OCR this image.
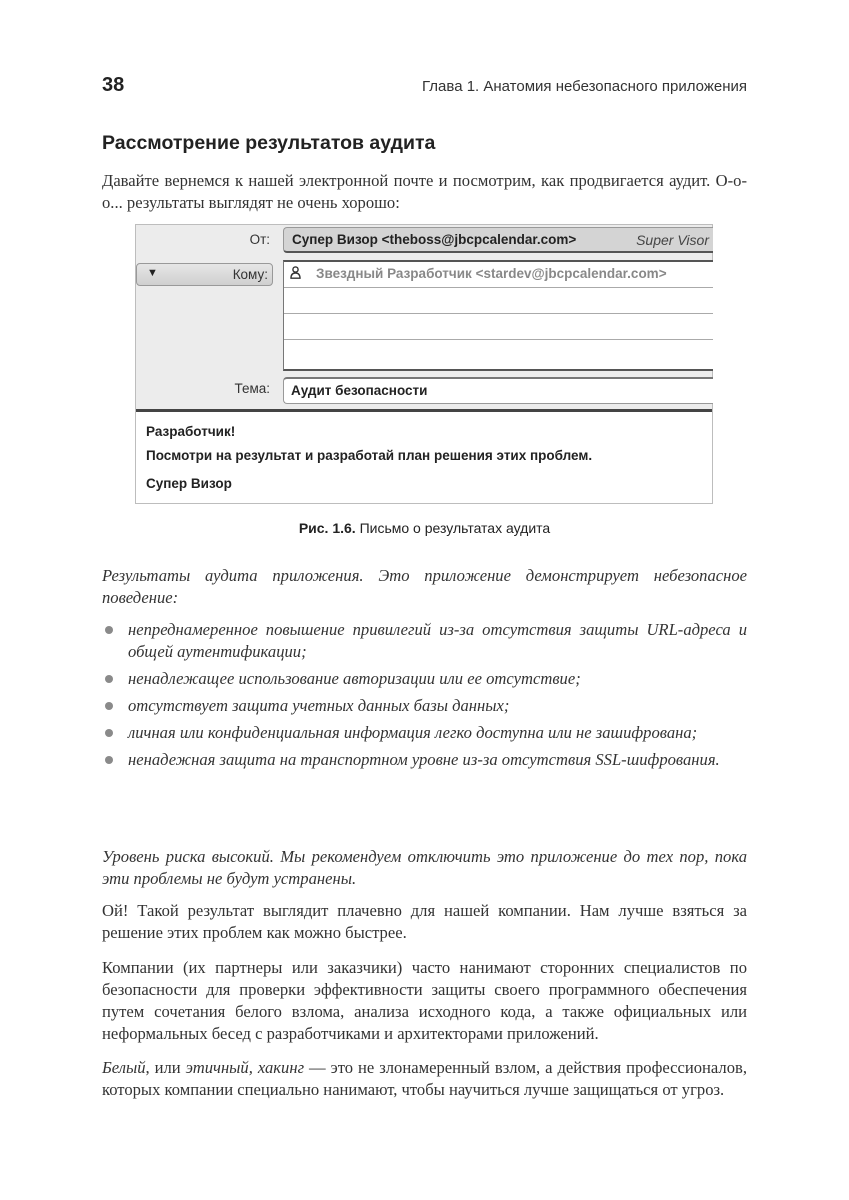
38	Глава 1. Анатомия небезопасного приложения
Рассмотрение результатов аудита

Давайте вернемся к нашей электронной почте и посмотрим, как продвигается аудит. О-о-о... результаты выглядят не очень хорошо:

От:	Супер Визор <theboss@jbcpcalendar.com>	Super Visor
▼	Кому:	Звездный Разработчик <stardev@jbcpcalendar.com>
Тема:	Аудит безопасности
Разработчик!
Посмотри на результат и разработай план решения этих проблем.
Супер Визор
Рис. 1.6. Письмо о результатах аудита

Результаты аудита приложения. Это приложение демонстрирует небезопасное поведение:

непреднамеренное повышение привилегий из-за отсутствия защиты URL-адреса и общей аутентификации;
ненадлежащее использование авторизации или ее отсутствие;
отсутствует защита учетных данных базы данных;
личная или конфиденциальная информация легко доступна или не зашифрована;
ненадежная защита на транспортном уровне из-за отсутствия SSL-шифрования.

Уровень риска высокий. Мы рекомендуем отключить это приложение до тех пор, пока эти проблемы не будут устранены.

Ой! Такой результат выглядит плачевно для нашей компании. Нам лучше взяться за решение этих проблем как можно быстрее.

Компании (их партнеры или заказчики) часто нанимают сторонних специалистов по безопасности для проверки эффективности защиты своего программного обеспечения путем сочетания белого взлома, анализа исходного кода, а также официальных или неформальных бесед с разработчиками и архитекторами приложений.

Белый, или этичный, хакинг — это не злонамеренный взлом, а действия профессионалов, которых компании специально нанимают, чтобы научиться лучше защищаться от угроз.
